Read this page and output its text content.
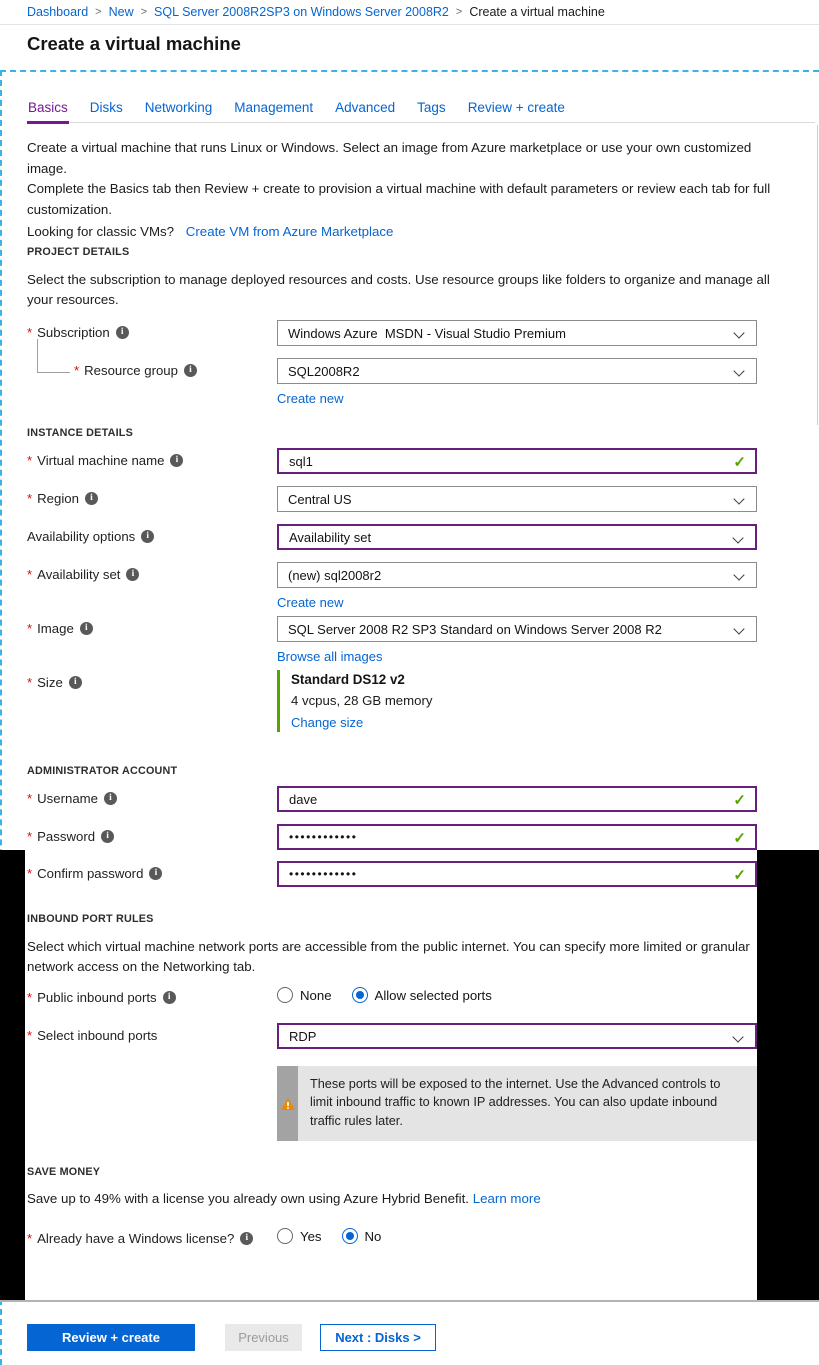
Dashboard > New > SQL Server 2008R2SP3 on Windows Server 2008R2 > Create a virtual machine
Create a virtual machine
Basics Disks Networking Management Advanced Tags Review + create
Create a virtual machine that runs Linux or Windows. Select an image from Azure marketplace or use your own customized image.
Complete the Basics tab then Review + create to provision a virtual machine with default parameters or review each tab for full customization.
Looking for classic VMs? Create VM from Azure Marketplace
PROJECT DETAILS
Select the subscription to manage deployed resources and costs. Use resource groups like folders to organize and manage all your resources.
*
Subscription i	Windows Azure  MSDN - Visual Studio Premium
*
Resource group i	SQL2008R2
Create new
INSTANCE DETAILS
*
Virtual machine name i	sql1
✓
*
Region i	Central US
Availability options i	Availability set
*
Availability set i	(new) sql2008r2
Create new
*
Image i	SQL Server 2008 R2 SP3 Standard on Windows Server 2008 R2
Browse all images
*
Size i	Standard DS12 v2
4 vcpus, 28 GB memory
Change size
ADMINISTRATOR ACCOUNT
*
Username i	dave
✓
*
Password i	••••••••••••
✓
*
Confirm password i	••••••••••••
✓
INBOUND PORT RULES
Select which virtual machine network ports are accessible from the public internet. You can specify more limited or granular network access on the Networking tab.
*
Public inbound ports i	None	Allow selected ports
*
Select inbound ports	RDP
These ports will be exposed to the internet. Use the Advanced controls to limit inbound traffic to known IP addresses. You can also update inbound traffic rules later.
SAVE MONEY
Save up to 49% with a license you already own using Azure Hybrid Benefit. Learn more
*
Already have a Windows license? i	Yes	No
Review + create	Previous	Next : Disks >
